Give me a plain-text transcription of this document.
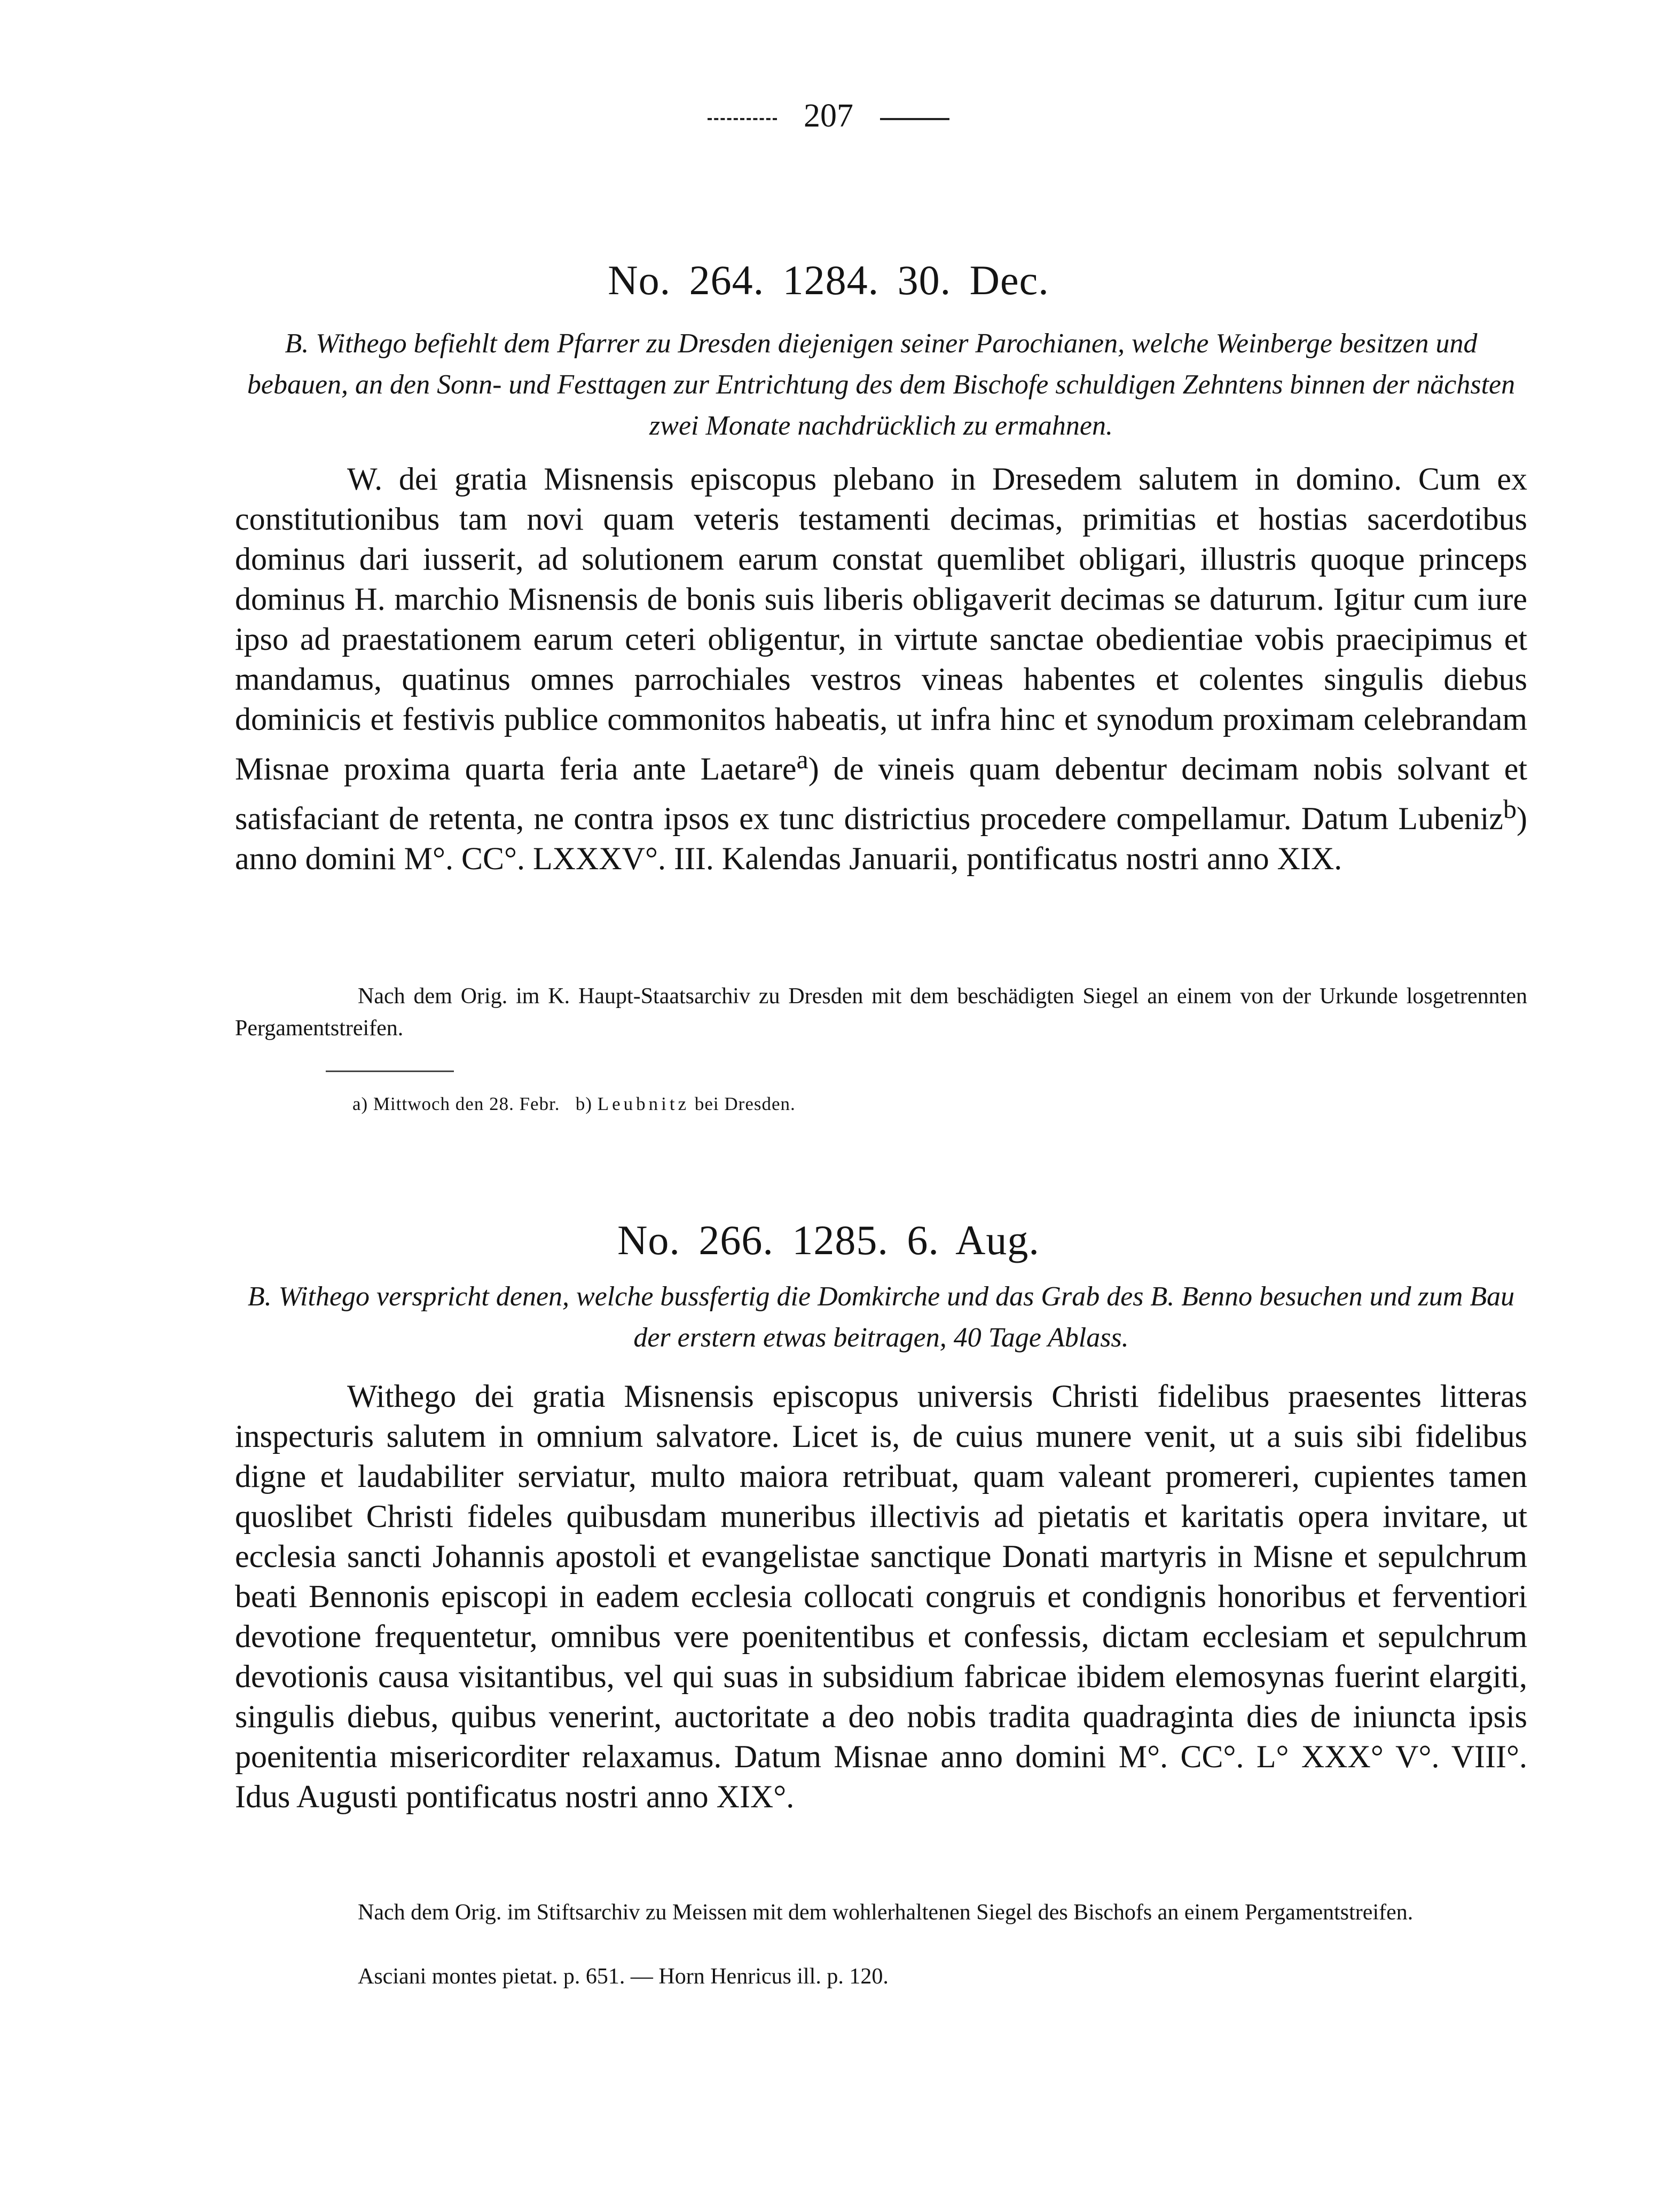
207
No. 264. 1284. 30. Dec.
B. Withego befiehlt dem Pfarrer zu Dresden diejenigen seiner Parochianen, welche Weinberge besitzen und bebauen, an den Sonn- und Festtagen zur Entrichtung des dem Bischofe schuldigen Zehntens binnen der nächsten zwei Monate nachdrücklich zu ermahnen.

W. dei gratia Misnensis episcopus plebano in Dresedem salutem in domino. Cum ex constitutionibus tam novi quam veteris testamenti decimas, primitias et hostias sacerdotibus dominus dari iusserit, ad solutionem earum constat quemlibet obligari, illustris quoque princeps dominus H. marchio Misnensis de bonis suis liberis obligaverit decimas se daturum. Igitur cum iure ipso ad praestationem earum ceteri obligentur, in virtute sanctae obedientiae vobis praecipimus et mandamus, quatinus omnes parrochiales vestros vineas habentes et colentes singulis diebus dominicis et festivis publice commonitos habeatis, ut infra hinc et synodum proximam celebrandam Misnae proxima quarta feria ante Laetare$^a$) de vineis quam debentur decimam nobis solvant et satisfaciant de retenta, ne contra ipsos ex tunc districtius procedere compellamur. Datum Lubeniz$^b$) anno domini M°. CC°. LXXXV°. III. Kalendas Januarii, pontificatus nostri anno XIX.

Nach dem Orig. im K. Haupt-Staatsarchiv zu Dresden mit dem beschädigten Siegel an einem von der Urkunde losgetrennten Pergamentstreifen.

a) Mittwoch den 28. Febr. b) Leubnitz bei Dresden.
No. 266. 1285. 6. Aug.
B. Withego verspricht denen, welche bussfertig die Domkirche und das Grab des B. Benno besuchen und zum Bau der erstern etwas beitragen, 40 Tage Ablass.

Withego dei gratia Misnensis episcopus universis Christi fidelibus praesentes litteras inspecturis salutem in omnium salvatore. Licet is, de cuius munere venit, ut a suis sibi fidelibus digne et laudabiliter serviatur, multo maiora retribuat, quam valeant promereri, cupientes tamen quoslibet Christi fideles quibusdam muneribus illectivis ad pietatis et karitatis opera invitare, ut ecclesia sancti Johannis apostoli et evangelistae sanctique Donati martyris in Misne et sepulchrum beati Bennonis episcopi in eadem ecclesia collocati congruis et condignis honoribus et ferventiori devotione frequentetur, omnibus vere poenitentibus et confessis, dictam ecclesiam et sepulchrum devotionis causa visitantibus, vel qui suas in subsidium fabricae ibidem elemosynas fuerint elargiti, singulis diebus, quibus venerint, auctoritate a deo nobis tradita quadraginta dies de iniuncta ipsis poenitentia misericorditer relaxamus. Datum Misnae anno domini M°. CC°. L° XXX° V°. VIII°. Idus Augusti pontificatus nostri anno XIX°.

Nach dem Orig. im Stiftsarchiv zu Meissen mit dem wohlerhaltenen Siegel des Bischofs an einem Pergamentstreifen.

Asciani montes pietat. p. 651. — Horn Henricus ill. p. 120.
